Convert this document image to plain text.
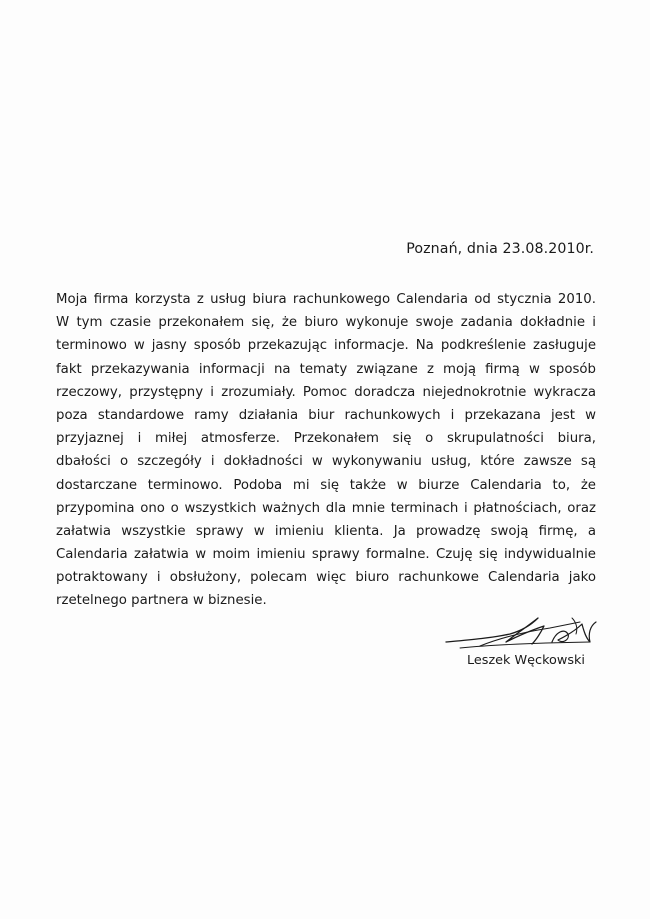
Poznań, dnia 23.08.2010r.
Moja firma korzysta z usług biura rachunkowego Calendaria od stycznia 2010.
W tym czasie przekonałem się, że biuro wykonuje swoje zadania dokładnie i
terminowo w jasny sposób przekazując informacje. Na podkreślenie zasługuje
fakt przekazywania informacji na tematy związane z moją firmą w sposób
rzeczowy, przystępny i zrozumiały. Pomoc doradcza niejednokrotnie wykracza
poza standardowe ramy działania biur rachunkowych i przekazana jest w
przyjaznej i miłej atmosferze. Przekonałem się o skrupulatności biura,
dbałości o szczegóły i dokładności w wykonywaniu usług, które zawsze są
dostarczane terminowo. Podoba mi się także w biurze Calendaria to, że
przypomina ono o wszystkich ważnych dla mnie terminach i płatnościach, oraz
załatwia wszystkie sprawy w imieniu klienta. Ja prowadzę swoją firmę, a
Calendaria załatwia w moim imieniu sprawy formalne. Czuję się indywidualnie
potraktowany i obsłużony, polecam więc biuro rachunkowe Calendaria jako
rzetelnego partnera w biznesie.
Leszek Węckowski
